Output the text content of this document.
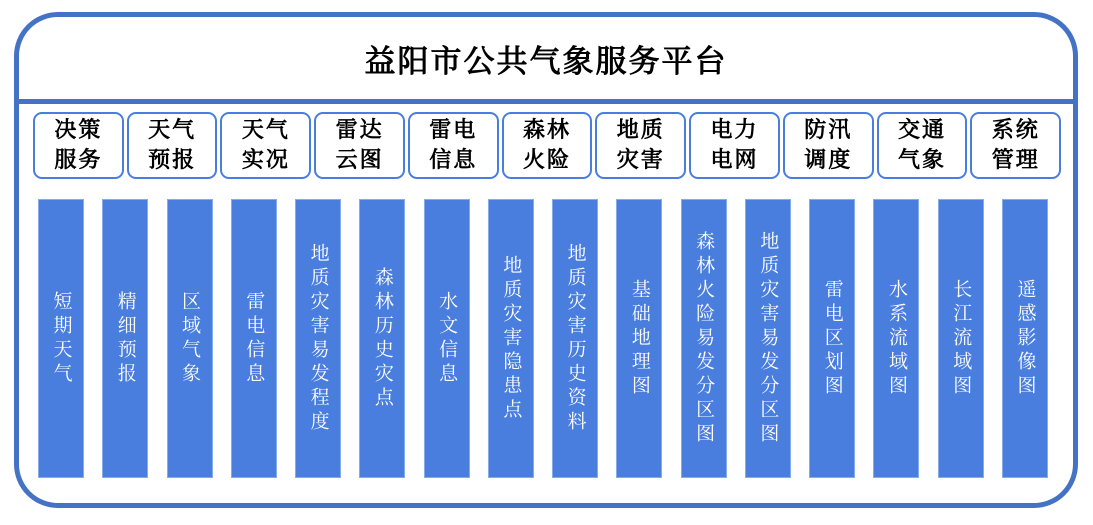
益阳市公共气象服务平台
决策
服务
天气
预报
天气
实况
雷达
云图
雷电
信息
森林
火险
地质
灾害
电力
电网
防汛
调度
交通
气象
系统
管理
短期天气 精细预报 区域气象 雷电信息 地质灾害易发程度 森林历史灾点 水文信息 地质灾害隐患点 地质灾害历史资料 基础地理图 森林火险易发分区图 地质灾害易发分区图 雷电区划图 水系流域图 长江流域图 遥感影像图
